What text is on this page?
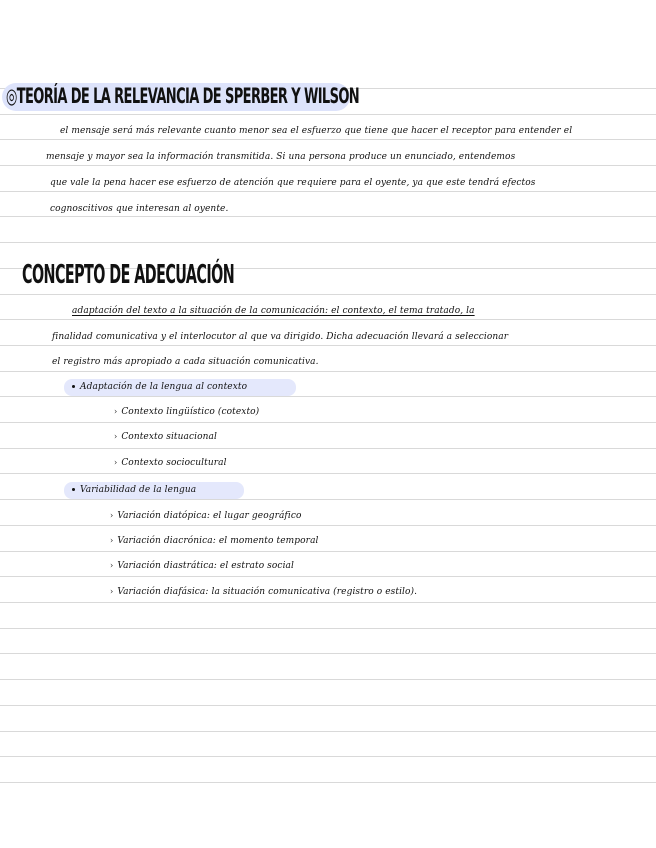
◎TEORÍA DE LA RELEVANCIA DE SPERBER Y WILSON
el mensaje será más relevante cuanto menor sea el esfuerzo que tiene que hacer el receptor para entender el
mensaje y mayor sea la información transmitida. Si una persona produce un enunciado, entendemos
que vale la pena hacer ese esfuerzo de atención que requiere para el oyente, ya que este tendrá efectos
cognoscitivos que interesan al oyente.
CONCEPTO DE ADECUACIÓN
adaptación del texto a la situación de la comunicación: el contexto, el tema tratado, la
finalidad comunicativa y el interlocutor al que va dirigido. Dicha adecuación llevará a seleccionar
el registro más apropiado a cada situación comunicativa.
Adaptación de la lengua al contexto
› Contexto lingüístico (cotexto)
› Contexto situacional
› Contexto sociocultural
Variabilidad de la lengua
› Variación diatópica: el lugar geográfico
› Variación diacrónica: el momento temporal
› Variación diastrática: el estrato social
› Variación diafásica: la situación comunicativa (registro o estilo).
